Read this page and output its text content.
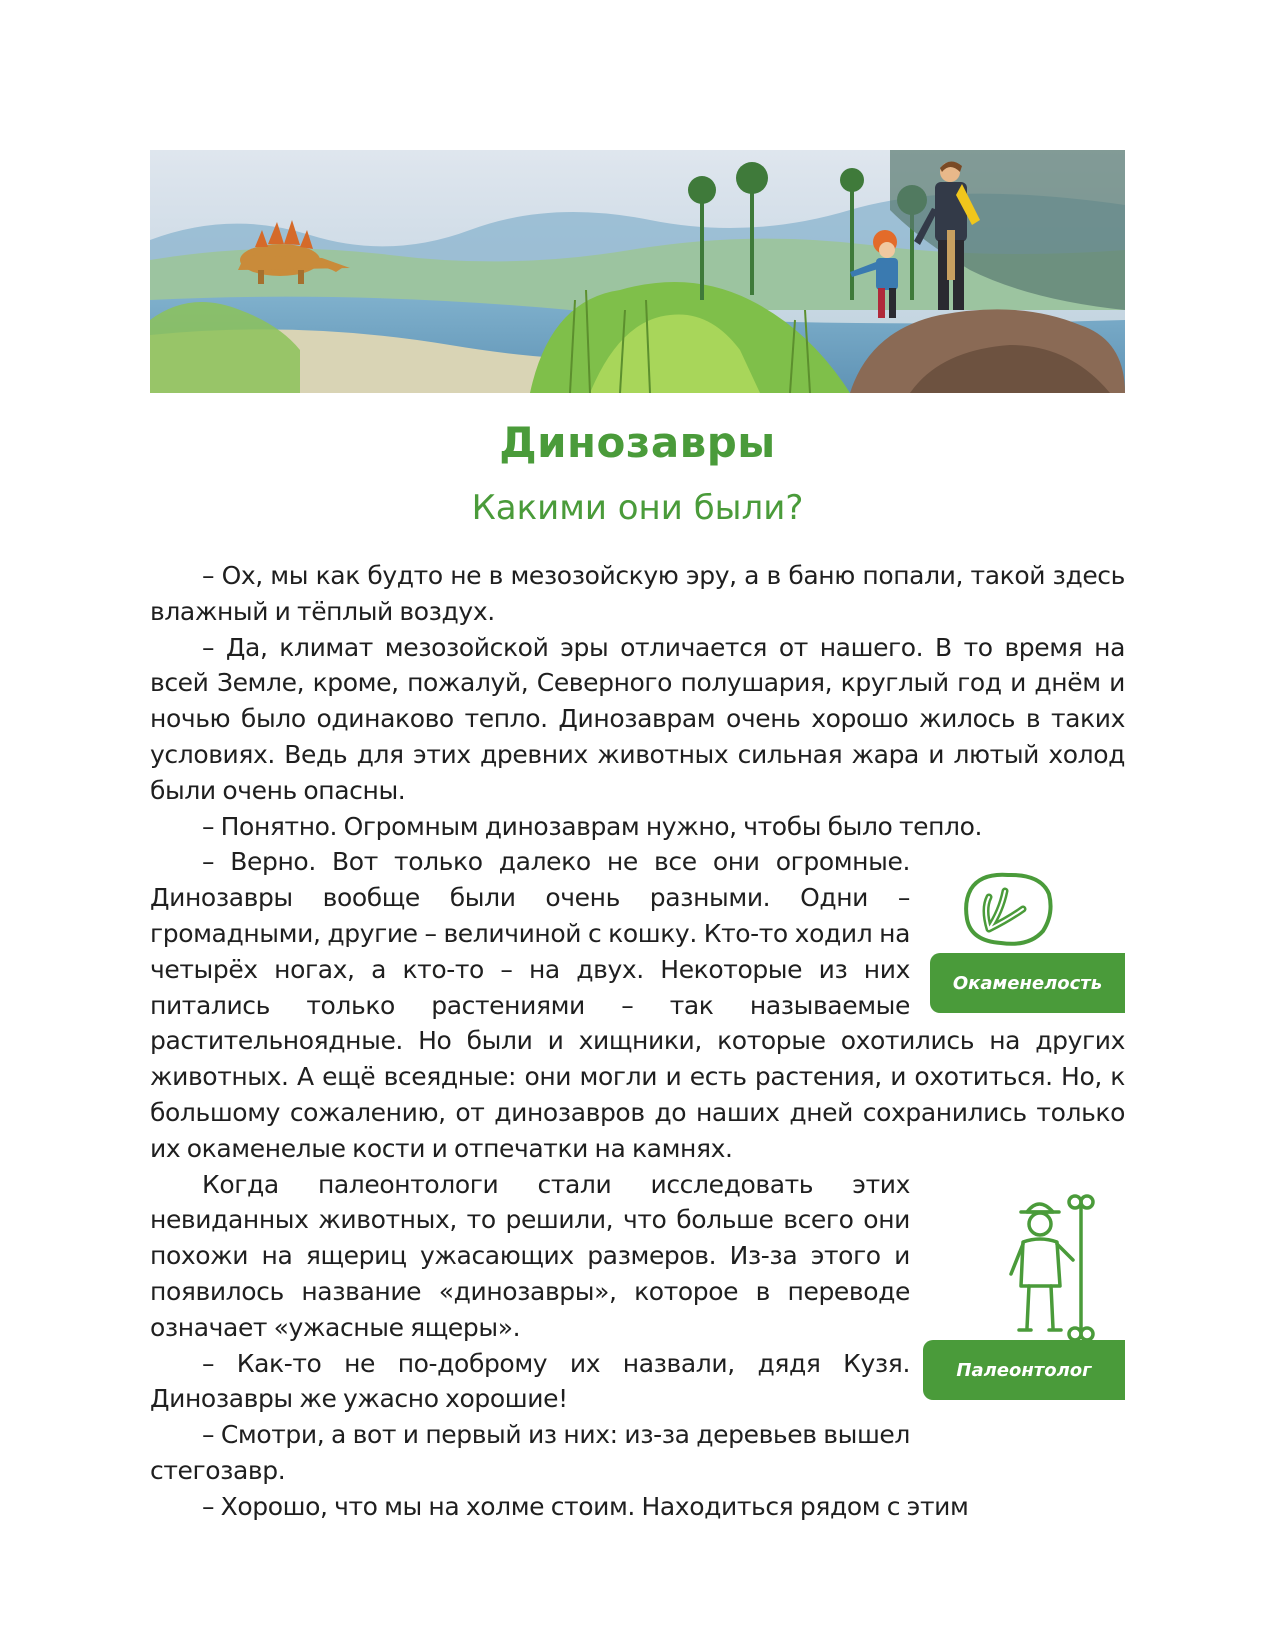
Динозавры
Какими они были?

– Ох, мы как будто не в мезозойскую эру, а в баню попали, такой здесь влажный и тёплый воздух.

– Да, климат мезозойской эры отличается от нашего. В то время на всей Земле, кроме, пожалуй, Северного полушария, круглый год и днём и ночью было одинаково тепло. Динозаврам очень хорошо жилось в таких условиях. Ведь для этих древних животных сильная жара и лютый холод были очень опасны.

– Понятно. Огромным динозаврам нужно, чтобы было тепло.

– Верно. Вот только далеко не все они огромные. Динозавры вообще были очень разными. Одни – громадными, другие – величиной с кошку. Кто-то ходил на четырёх ногах, а кто-то – на двух. Некоторые из них питались только растениями – так называемые растительноядные. Но были и хищники, которые охотились на других животных. А ещё всеядные: они могли и есть растения, и охотиться. Но, к большому сожалению, от динозавров до наших дней сохранились только их окаменелые кости и отпечатки на камнях.

Когда палеонтологи стали исследовать этих невиданных животных, то решили, что больше всего они похожи на ящериц ужасающих размеров. Из-за этого и появилось название «динозавры», которое в переводе означает «ужасные ящеры».

– Как-то не по-доброму их назвали, дядя Кузя. Динозавры же ужасно хорошие!

– Смотри, а вот и первый из них: из-за деревьев вышел стегозавр.

– Хорошо, что мы на холме стоим. Находиться рядом с этим

Окаменелость
Палеонтолог
